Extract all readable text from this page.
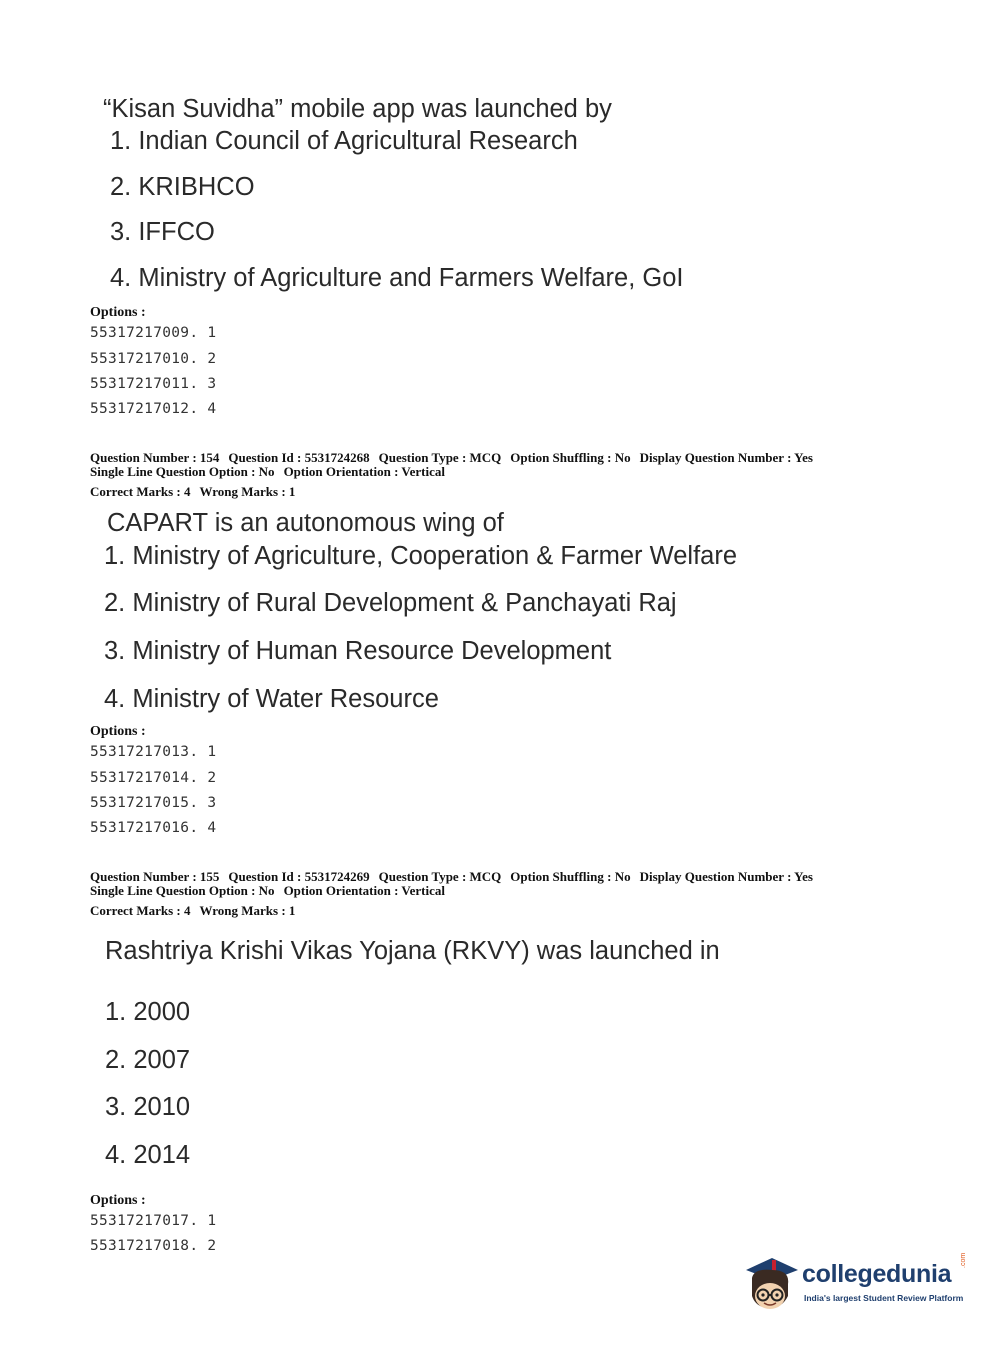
“Kisan Suvidha” mobile app was launched by
1. Indian Council of Agricultural Research
2. KRIBHCO
3. IFFCO
4. Ministry of Agriculture and Farmers Welfare, GoI
Options :
55317217009. 1
55317217010. 2
55317217011. 3
55317217012. 4
Question Number : 154 Question Id : 5531724268 Question Type : MCQ Option Shuffling : No Display Question Number : Yes
Single Line Question Option : No Option Orientation : Vertical
Correct Marks : 4 Wrong Marks : 1
CAPART is an autonomous wing of
1. Ministry of Agriculture, Cooperation & Farmer Welfare
2. Ministry of Rural Development & Panchayati Raj
3. Ministry of Human Resource Development
4. Ministry of Water Resource
Options :
55317217013. 1
55317217014. 2
55317217015. 3
55317217016. 4
Question Number : 155 Question Id : 5531724269 Question Type : MCQ Option Shuffling : No Display Question Number : Yes
Single Line Question Option : No Option Orientation : Vertical
Correct Marks : 4 Wrong Marks : 1
Rashtriya Krishi Vikas Yojana (RKVY) was launched in
1. 2000
2. 2007
3. 2010
4. 2014
Options :
55317217017. 1
55317217018. 2
collegedunia .com
India's largest Student Review Platform
